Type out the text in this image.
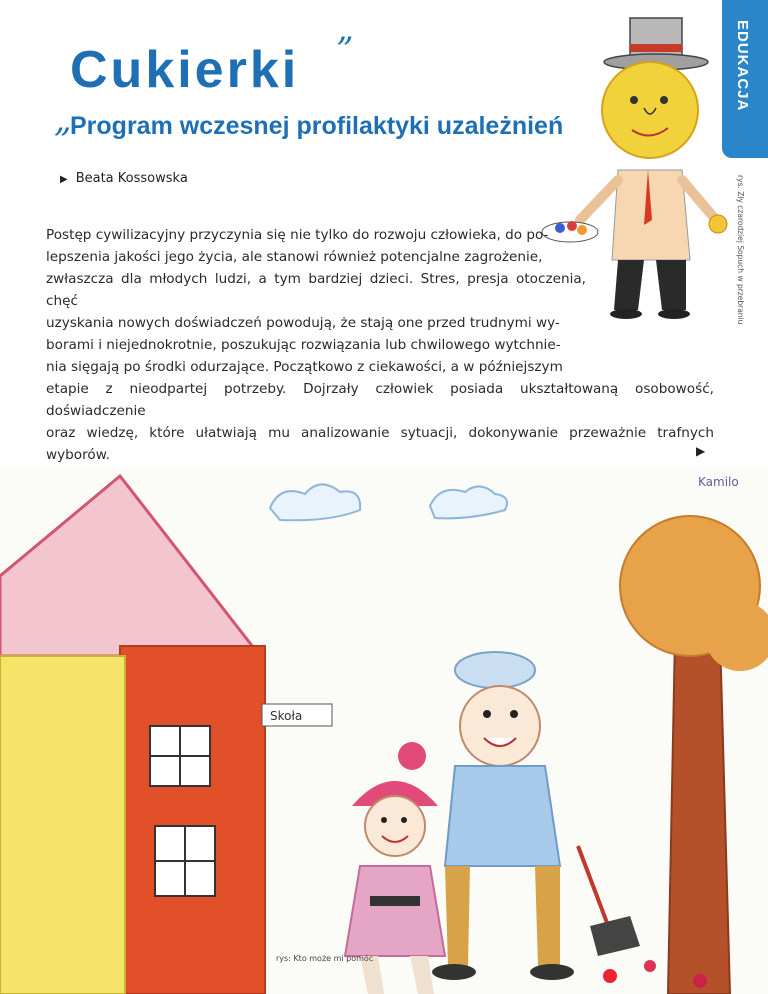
EDUKACJA
„
Cukierki ”
Program wczesnej profilaktyki uzależnień
▶ Beata Kossowska	rys. Zły czarodziej Sopuch w przebraniu
Postęp cywilizacyjny przyczynia się nie tylko do rozwoju człowieka, do po-
lepszenia jakości jego życia, ale stanowi również potencjalne zagrożenie,
zwłaszcza dla młodych ludzi, a tym bardziej dzieci. Stres, presja otoczenia, chęć
uzyskania nowych doświadczeń powodują, że stają one przed trudnymi wy-
borami i niejednokrotnie, poszukując rozwiązania lub chwilowego wytchnie-
nia sięgają po środki odurzające. Początkowo z ciekawości, a w późniejszym
etapie z nieodpartej potrzeby. Dojrzały człowiek posiada ukształtowaną osobowość, doświadczenie
oraz wiedzę, które ułatwiają mu analizowanie sytuacji, dokonywanie przeważnie trafnych wyborów.	▶
Kamilo
Skoła
rys: Kto może mi pomóc
